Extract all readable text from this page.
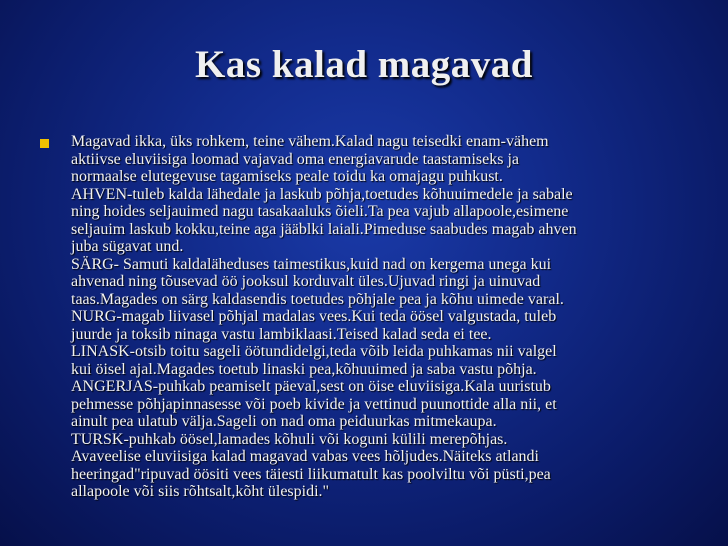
Kas kalad magavad
Magavad ikka, üks rohkem, teine vähem.Kalad nagu teisedki enam-vähem
aktiivse eluviisiga loomad vajavad oma energiavarude taastamiseks ja
normaalse elutegevuse tagamiseks peale toidu ka omajagu puhkust.
AHVEN-tuleb kalda lähedale ja laskub põhja,toetudes kõhuuimedele ja sabale
ning hoides seljauimed nagu tasakaaluks õieli.Ta pea vajub allapoole,esimene
seljauim laskub kokku,teine aga jääblki laiali.Pimeduse saabudes magab ahven
juba sügavat und.
SÄRG- Samuti kaldaläheduses taimestikus,kuid nad on kergema unega kui
ahvenad ning tõusevad öö jooksul korduvalt üles.Ujuvad ringi ja uinuvad
taas.Magades on särg kaldasendis toetudes põhjale pea ja kõhu uimede varal.
NURG-magab liivasel põhjal madalas vees.Kui teda öösel valgustada, tuleb
juurde ja toksib ninaga vastu lambiklaasi.Teised kalad seda ei tee.
LINASK-otsib toitu sageli öötundidelgi,teda võib leida puhkamas nii valgel
kui öisel ajal.Magades toetub linaski pea,kõhuuimed ja saba vastu põhja.
ANGERJAS-puhkab peamiselt päeval,sest on öise eluviisiga.Kala uuristub
pehmesse põhjapinnasesse või poeb kivide ja vettinud puunottide alla nii, et
ainult pea ulatub välja.Sageli on nad oma peiduurkas mitmekaupa.
TURSK-puhkab öösel,lamades kõhuli või koguni külili merepõhjas.
Avaveelise eluviisiga kalad magavad vabas vees hõljudes.Näiteks atlandi
heeringad"ripuvad öösiti vees täiesti liikumatult kas poolviltu või püsti,pea
allapoole või siis rõhtsalt,kõht ülespidi."
